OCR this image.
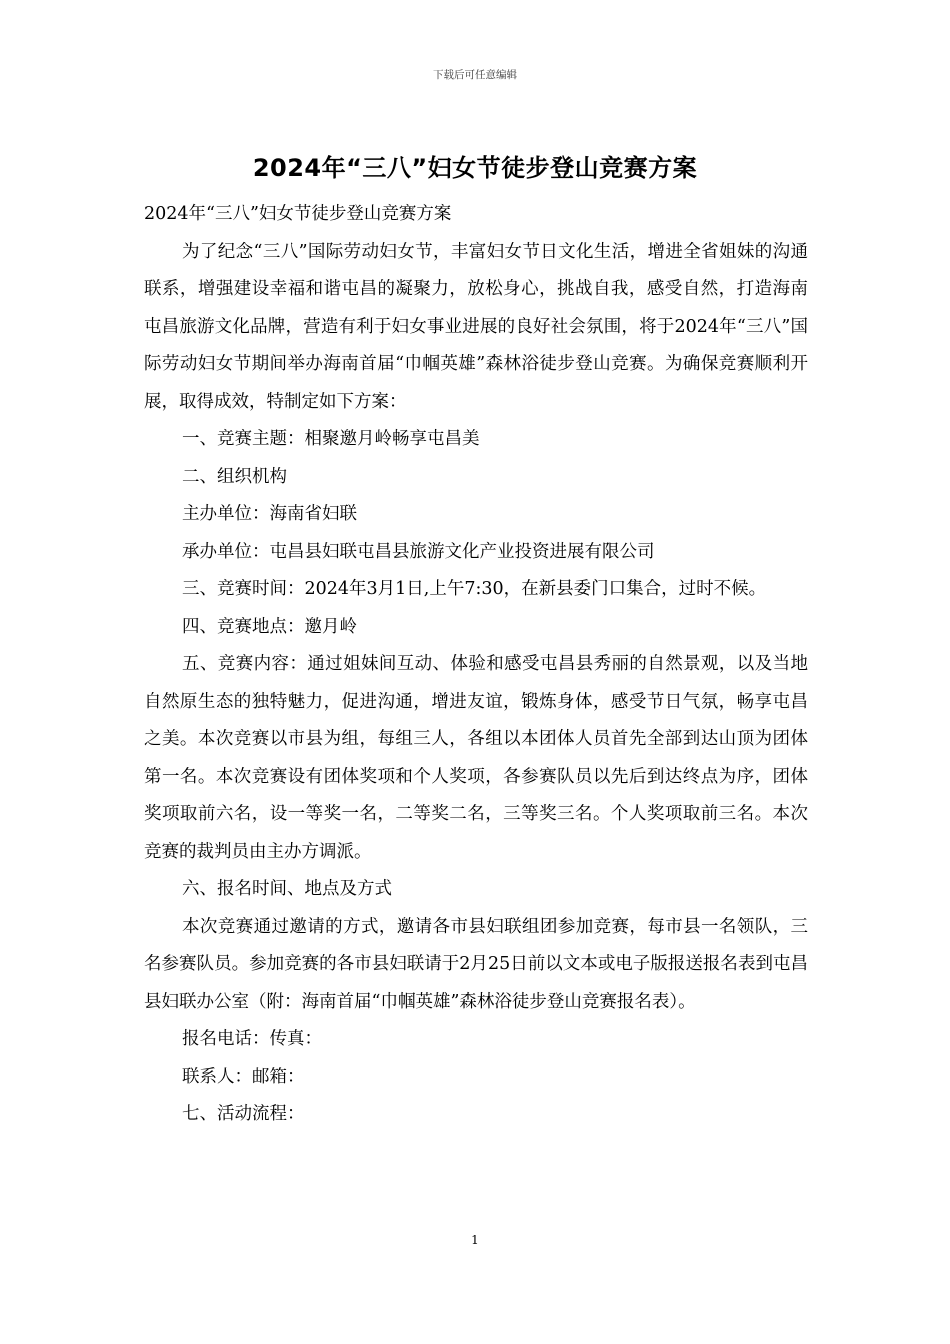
下载后可任意编辑
2024年“三八”妇女节徒步登山竞赛方案

2024年“三八”妇女节徒步登山竞赛方案

为了纪念“三八”国际劳动妇女节，丰富妇女节日文化生活，增进全省姐妹的沟通联系，增强建设幸福和谐屯昌的凝聚力，放松身心，挑战自我，感受自然，打造海南屯昌旅游文化品牌，营造有利于妇女事业进展的良好社会氛围，将于2024年“三八”国际劳动妇女节期间举办海南首届“巾帼英雄”森林浴徒步登山竞赛。为确保竞赛顺利开展，取得成效，特制定如下方案：

一、竞赛主题：相聚邀月岭畅享屯昌美

二、组织机构

主办单位：海南省妇联

承办单位：屯昌县妇联屯昌县旅游文化产业投资进展有限公司

三、竞赛时间：2024年3月1日,上午7:30，在新县委门口集合，过时不候。

四、竞赛地点：邀月岭

五、竞赛内容：通过姐妹间互动、体验和感受屯昌县秀丽的自然景观，以及当地自然原生态的独特魅力，促进沟通，增进友谊，锻炼身体，感受节日气氛，畅享屯昌之美。本次竞赛以市县为组，每组三人，各组以本团体人员首先全部到达山顶为团体第一名。本次竞赛设有团体奖项和个人奖项，各参赛队员以先后到达终点为序，团体奖项取前六名，设一等奖一名，二等奖二名，三等奖三名。个人奖项取前三名。本次竞赛的裁判员由主办方调派。

六、报名时间、地点及方式

本次竞赛通过邀请的方式，邀请各市县妇联组团参加竞赛，每市县一名领队，三名参赛队员。参加竞赛的各市县妇联请于2月25日前以文本或电子版报送报名表到屯昌县妇联办公室（附：海南首届“巾帼英雄”森林浴徒步登山竞赛报名表）。

报名电话：传真：

联系人：邮箱：

七、活动流程：

1
